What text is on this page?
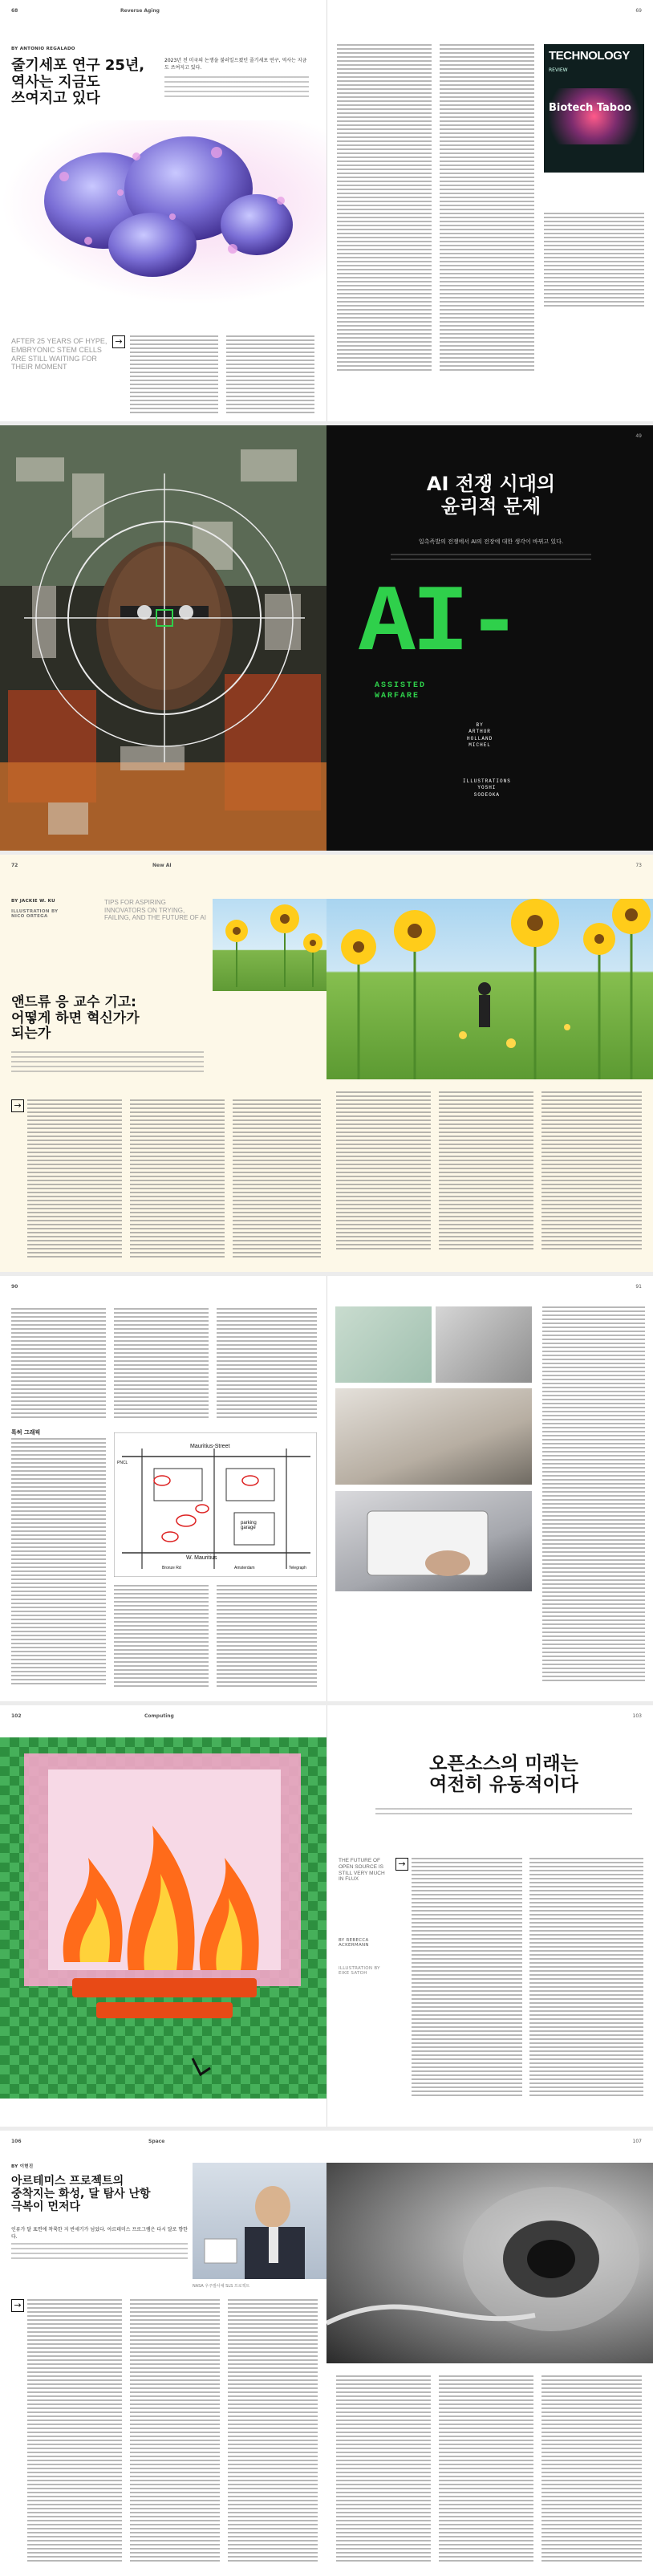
68	Reverse Aging
BY ANTONIO REGALADO
줄기세포 연구 25년,
역사는 지금도
쓰여지고 있다
2023년 전 미국의 논쟁을 불러일으켰던 줄기세포 연구, 역사는 지금도 쓰여지고 있다.
AFTER 25 YEARS OF HYPE, EMBRYONIC STEM CELLS ARE STILL WAITING FOR THEIR MOMENT
→
69
TECHNOLOGY
REVIEW
Biotech Taboo
49
AI 전쟁 시대의
윤리적 문제
일촉즉발의 전쟁에서 AI의 전장에 대한 생각이 바뀌고 있다.
AI-
ASSISTED
WARFARE
BY
ARTHUR
HOLLAND
MICHEL
ILLUSTRATIONS
YOSHI
SODEOKA
72	New AI
BY JACKIE W. KU
ILLUSTRATION BY
NICO ORTEGA
TIPS FOR ASPIRING INNOVATORS ON TRYING, FAILING, AND THE FUTURE OF AI
앤드류 응 교수 기고:
어떻게 하면 혁신가가
되는가
→
73
90
특허 그래픽
Mauritius-Street
W. Mauritius
parking
garage
PNCL
Bronze Rd	Amsterdam	Telegraph
91
102	Computing	103
오픈소스의 미래는
여전히 유동적이다
THE FUTURE OF OPEN SOURCE IS STILL VERY MUCH IN FLUX
BY REBECCA ACKERMANN
ILLUSTRATION BY EIKE SATOH
→
106	Space
BY 이현진
아르테미스 프로젝트의
중착지는 화성, 달 탐사 난항
극복이 먼저다
인류가 달 표면에 착륙한 지 반세기가 넘었다. 아르테미스 프로그램은 다시 달로 향한다.
NASA 우주발사체 SLS 프로젝트
→
107
